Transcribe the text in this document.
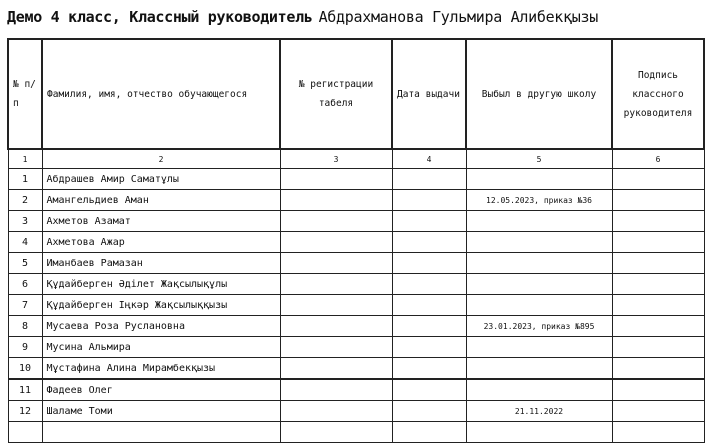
Демо 4 класс, Классный руководитель Абдрахманова Гульмира Алибекқызы
№ п/п	Фамилия, имя, отчество обучающегося	№ регистрации табеля	Дата выдачи	Выбыл в другую школу	Подпись классного руководителя
1	2	3	4	5	6
1	Абдрашев Амир Саматұлы				
2	Амангельдиев Аман			12.05.2023, приказ №36	
3	Ахметов Азамат				
4	Ахметова Ажар				
5	Иманбаев Рамазан				
6	Құдайберген Әділет Жақсылықұлы				
7	Құдайберген Іңкәр Жақсылыққызы				
8	Мусаева Роза Руслановна			23.01.2023, приказ №895	
9	Мусина Альмира				
10	Мұстафина Алина Мирамбекқызы				
11	Фадеев Олег				
12	Шаламе Томи			21.11.2022	
